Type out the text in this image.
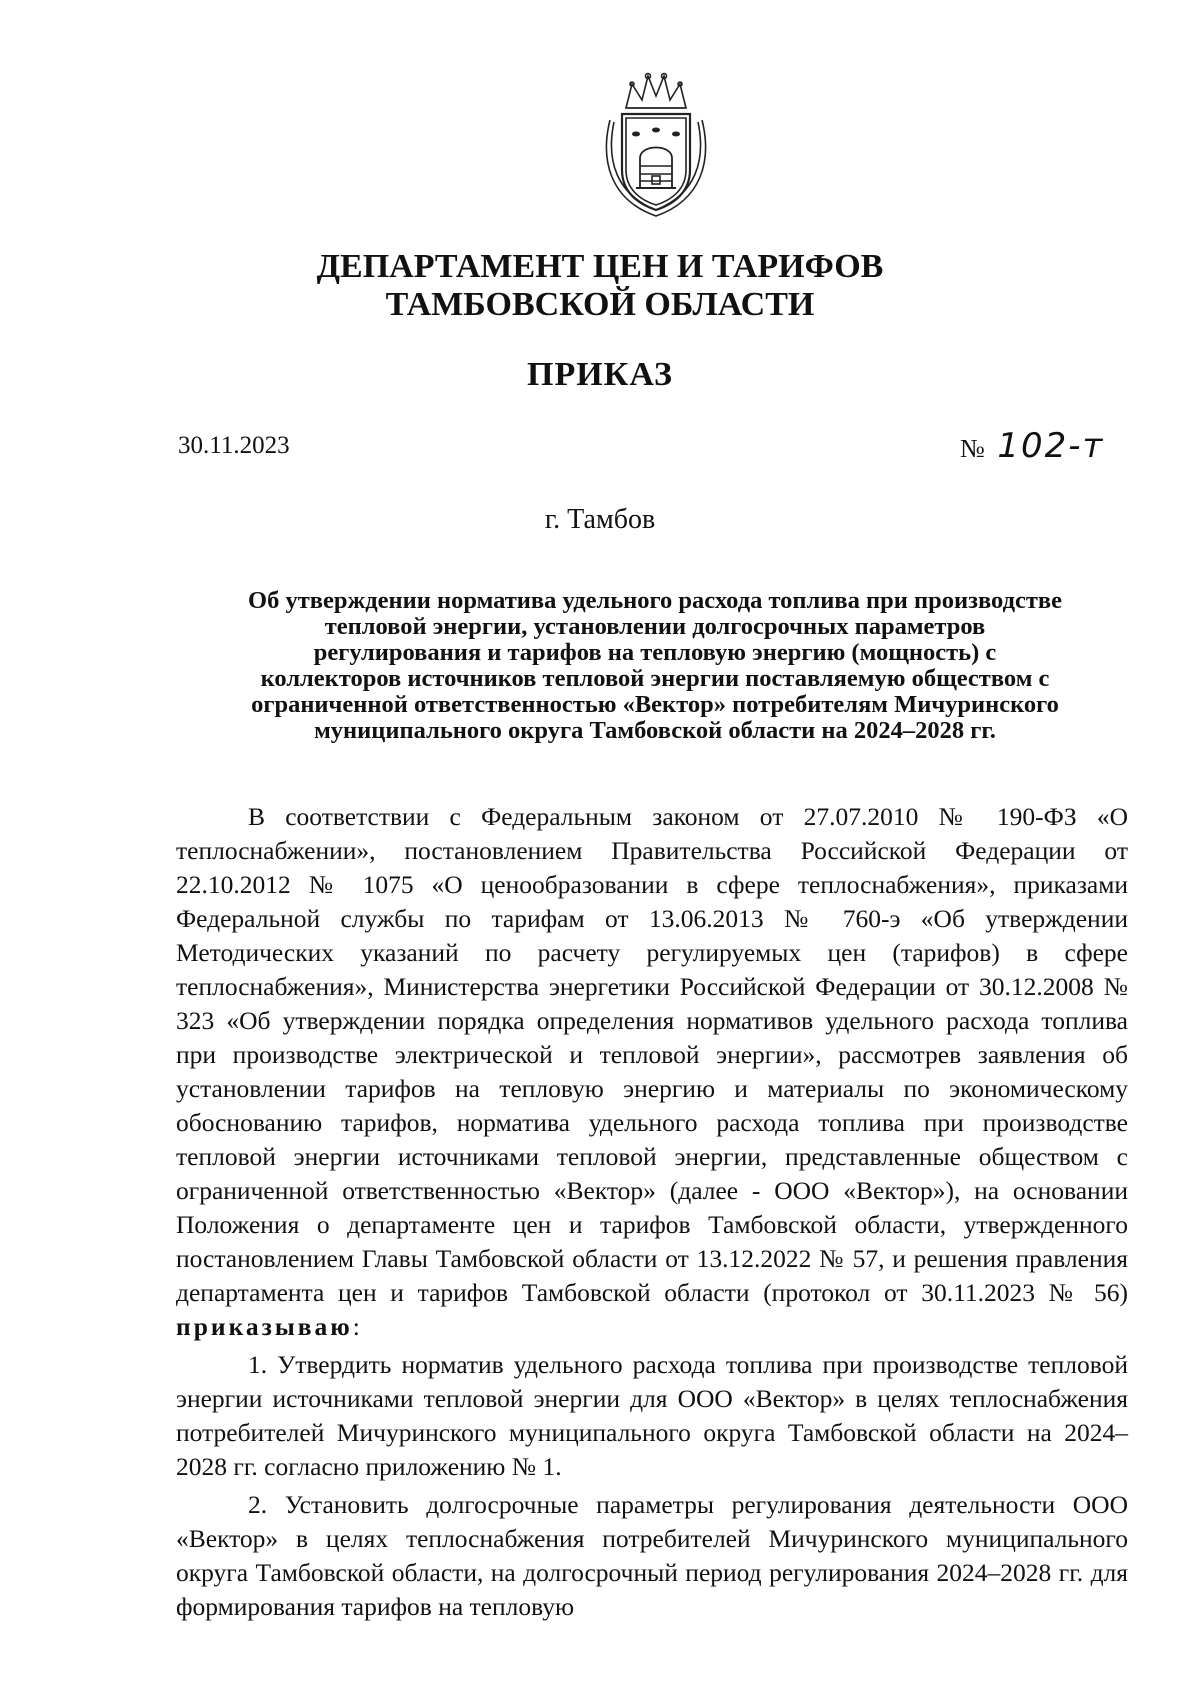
ДЕПАРТАМЕНТ ЦЕН И ТАРИФОВ
ТАМБОВСКОЙ ОБЛАСТИ
ПРИКАЗ
30.11.2023	№ 102-т
г. Тамбов
Об утверждении норматива удельного расхода топлива при производстве
тепловой энергии, установлении долгосрочных параметров
регулирования и тарифов на тепловую энергию (мощность) с
коллекторов источников тепловой энергии поставляемую обществом с
ограниченной ответственностью «Вектор» потребителям Мичуринского
муниципального округа Тамбовской области на 2024–2028 гг.

В соответствии с Федеральным законом от 27.07.2010 № 190-ФЗ «О теплоснабжении», постановлением Правительства Российской Федерации от 22.10.2012 № 1075 «О ценообразовании в сфере теплоснабжения», приказами Федеральной службы по тарифам от 13.06.2013 № 760-э «Об утверждении Методических указаний по расчету регулируемых цен (тарифов) в сфере теплоснабжения», Министерства энергетики Российской Федерации от 30.12.2008 № 323 «Об утверждении порядка определения нормативов удельного расхода топлива при производстве электрической и тепловой энергии», рассмотрев заявления об установлении тарифов на тепловую энергию и материалы по экономическому обоснованию тарифов, норматива удельного расхода топлива при производстве тепловой энергии источниками тепловой энергии, представленные обществом с ограниченной ответственностью «Вектор» (далее - ООО «Вектор»), на основании Положения о департаменте цен и тарифов Тамбовской области, утвержденного постановлением Главы Тамбовской области от 13.12.2022 № 57, и решения правления департамента цен и тарифов Тамбовской области (протокол от 30.11.2023 № 56) приказываю:

1. Утвердить норматив удельного расхода топлива при производстве тепловой энергии источниками тепловой энергии для ООО «Вектор» в целях теплоснабжения потребителей Мичуринского муниципального округа Тамбовской области на 2024–2028 гг. согласно приложению № 1.

2. Установить долгосрочные параметры регулирования деятельности ООО «Вектор» в целях теплоснабжения потребителей Мичуринского муниципального округа Тамбовской области, на долгосрочный период регулирования 2024–2028 гг. для формирования тарифов на тепловую
